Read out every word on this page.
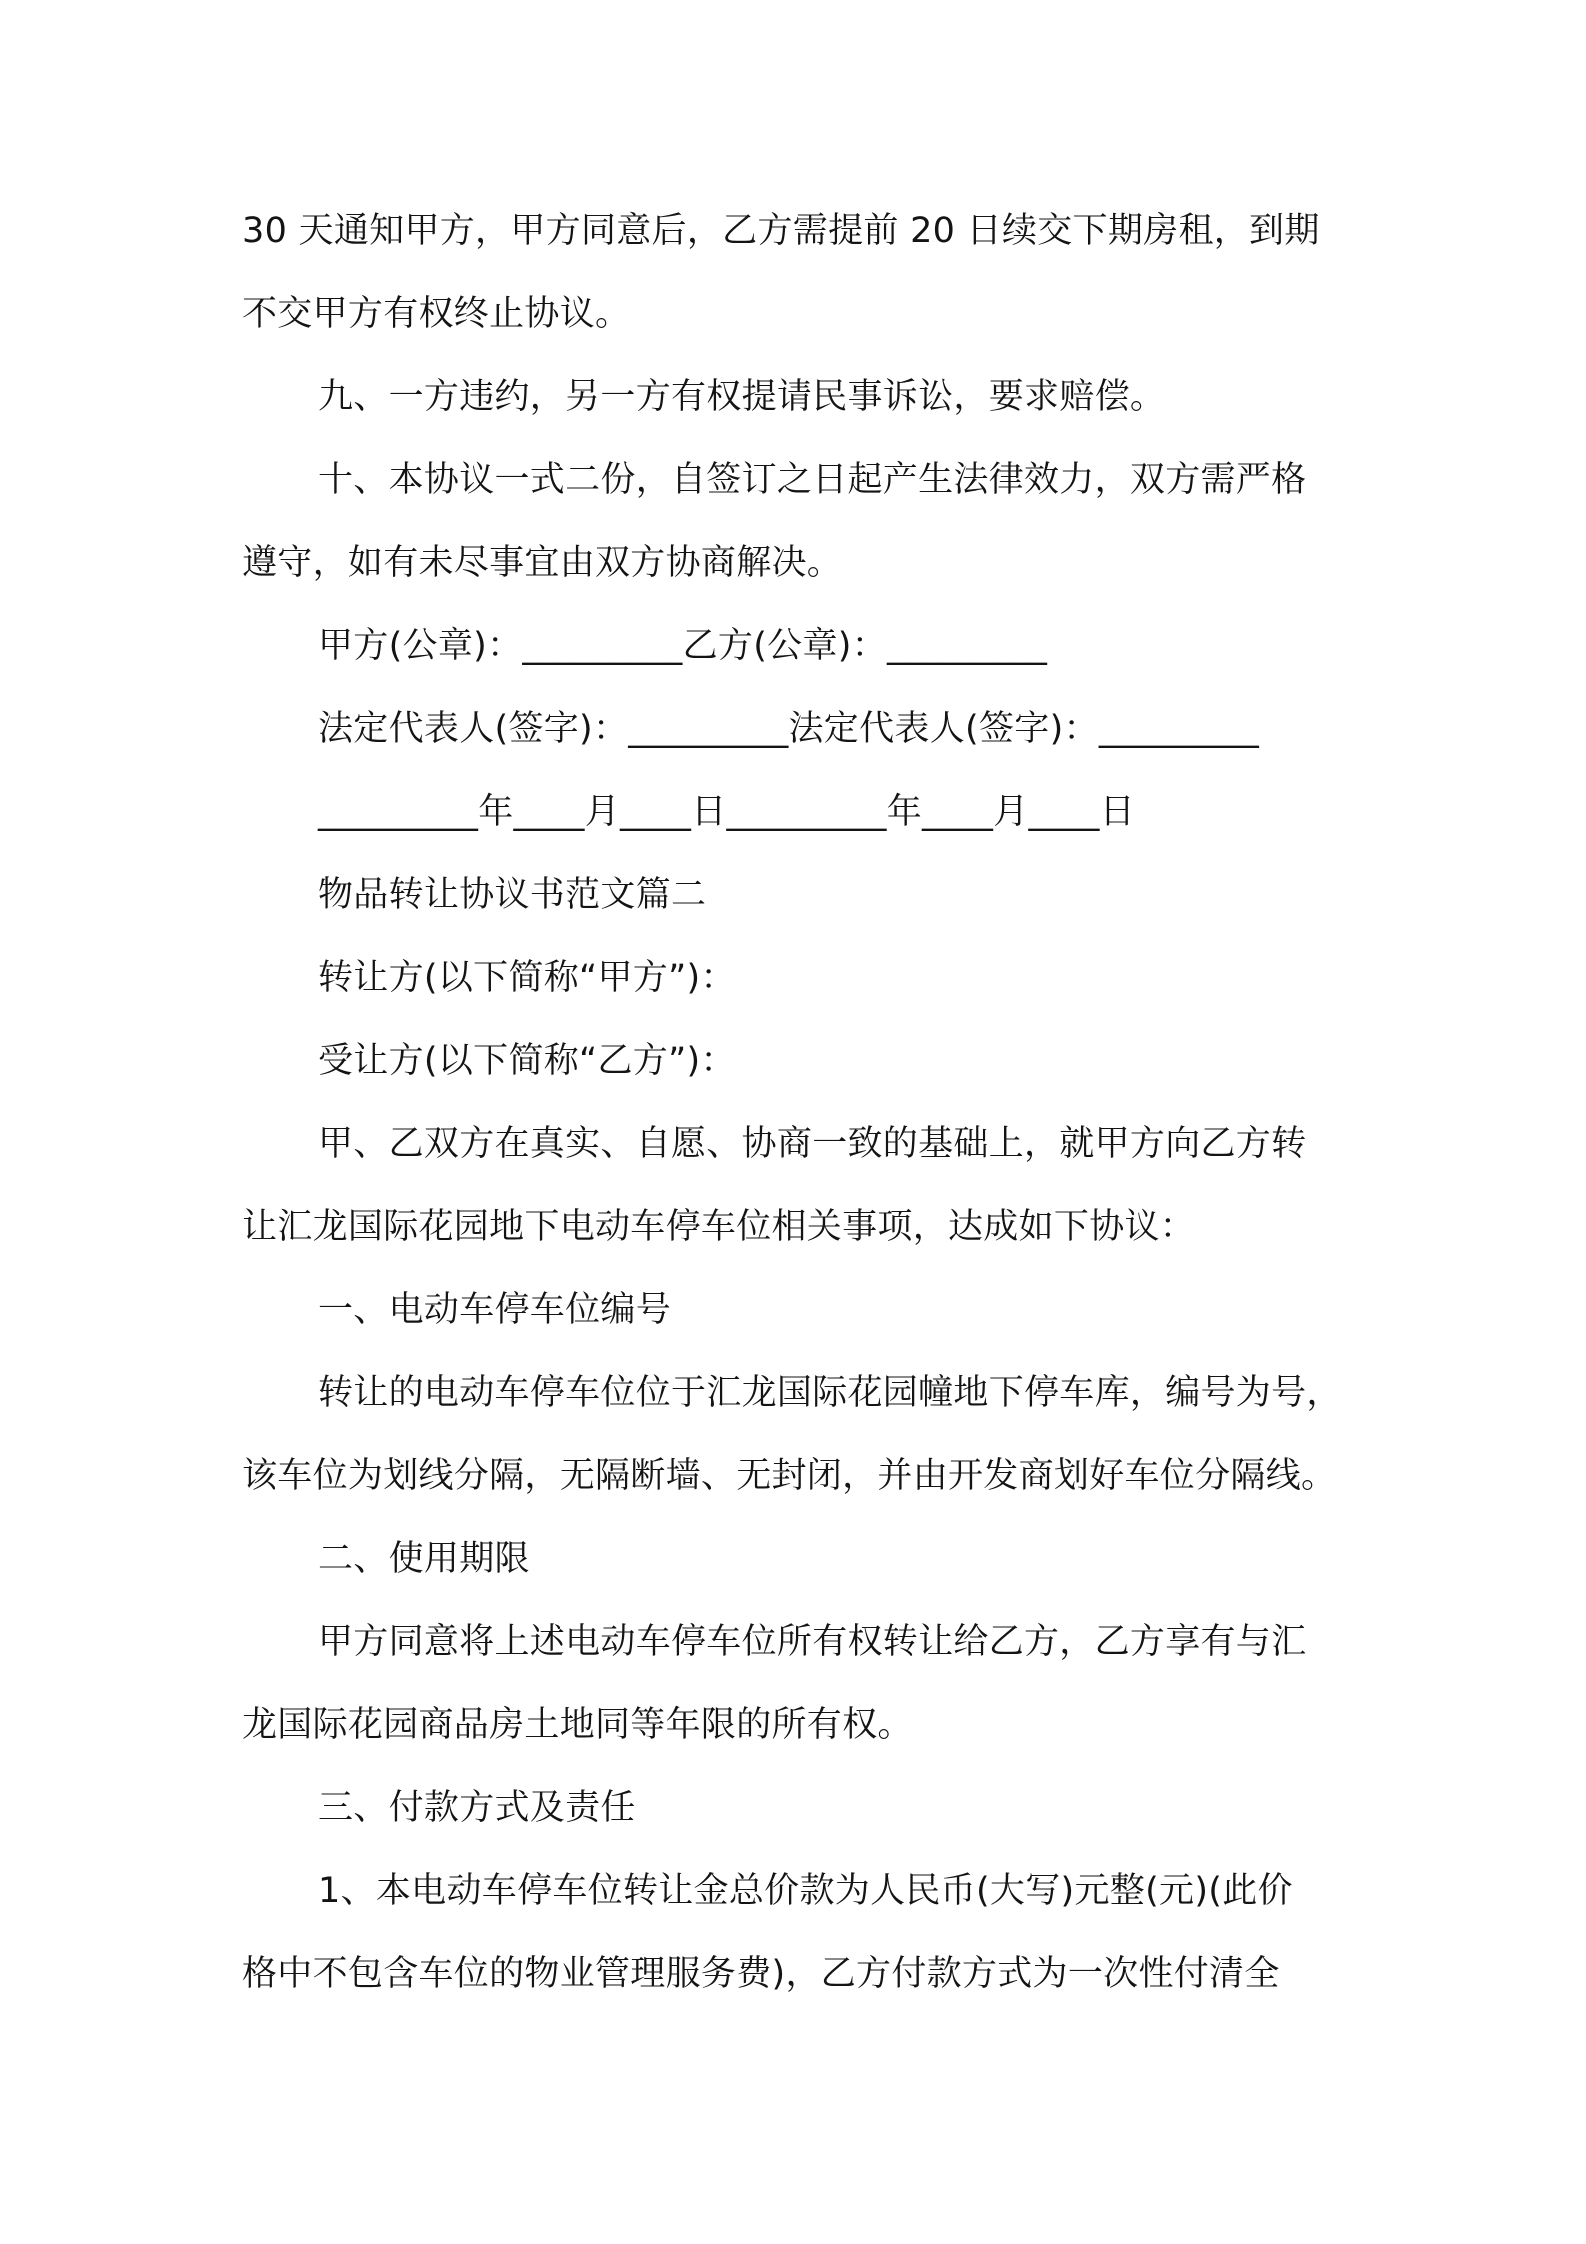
30 天通知甲方，甲方同意后，乙方需提前 20 日续交下期房租，到期
不交甲方有权终止协议。
九、一方违约，另一方有权提请民事诉讼，要求赔偿。
十、本协议一式二份，自签订之日起产生法律效力，双方需严格
遵守，如有未尽事宜由双方协商解决。
甲方(公章)：_________乙方(公章)：_________
法定代表人(签字)：_________法定代表人(签字)：_________
_________年____月____日_________年____月____日
物品转让协议书范文篇二
转让方(以下简称“甲方”)：
受让方(以下简称“乙方”)：
甲、乙双方在真实、自愿、协商一致的基础上，就甲方向乙方转
让汇龙国际花园地下电动车停车位相关事项，达成如下协议：
一、电动车停车位编号
转让的电动车停车位位于汇龙国际花园幢地下停车库，编号为号，
该车位为划线分隔，无隔断墙、无封闭，并由开发商划好车位分隔线。
二、使用期限
甲方同意将上述电动车停车位所有权转让给乙方，乙方享有与汇
龙国际花园商品房土地同等年限的所有权。
三、付款方式及责任
1、本电动车停车位转让金总价款为人民币(大写)元整(元)(此价
格中不包含车位的物业管理服务费)，乙方付款方式为一次性付清全
